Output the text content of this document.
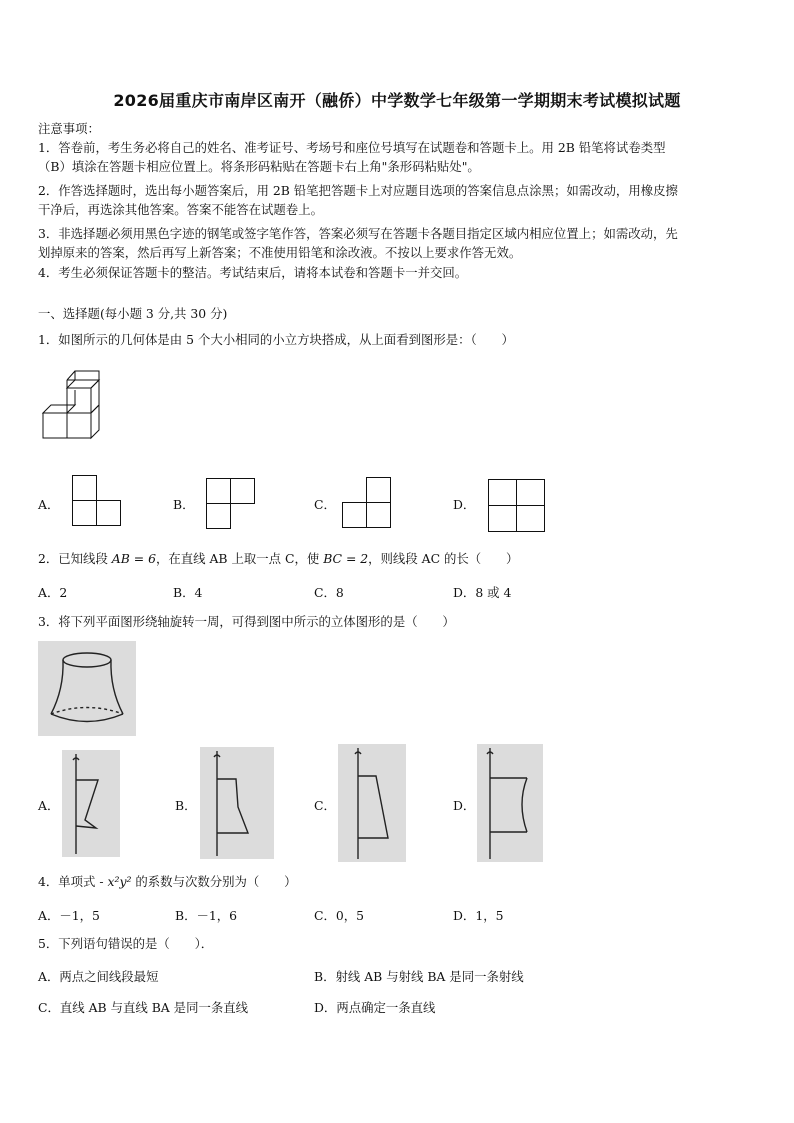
2026届重庆市南岸区南开（融侨）中学数学七年级第一学期期末考试模拟试题
注意事项：
1．答卷前，考生务必将自己的姓名、准考证号、考场号和座位号填写在试题卷和答题卡上。用 2B 铅笔将试卷类型
（B）填涂在答题卡相应位置上。将条形码粘贴在答题卡右上角"条形码粘贴处"。
2．作答选择题时，选出每小题答案后，用 2B 铅笔把答题卡上对应题目选项的答案信息点涂黑；如需改动，用橡皮擦
干净后，再选涂其他答案。答案不能答在试题卷上。
3．非选择题必须用黑色字迹的钢笔或签字笔作答，答案必须写在答题卡各题目指定区域内相应位置上；如需改动，先
划掉原来的答案，然后再写上新答案；不准使用铅笔和涂改液。不按以上要求作答无效。
4．考生必须保证答题卡的整洁。考试结束后，请将本试卷和答题卡一并交回。
一、选择题(每小题 3 分,共 30 分)
1．如图所示的几何体是由 5 个大小相同的小立方块搭成，从上面看到图形是：（　　）
A．	B．	C．	D．
2．已知线段 AB = 6，在直线 AB 上取一点 C，使 BC = 2，则线段 AC 的长（　　）
A．2	B．4	C．8	D．8 或 4
3．将下列平面图形绕轴旋转一周，可得到图中所示的立体图形的是（　　）
A．	B．	C．	D．
4．单项式 - x²y² 的系数与次数分别为（　　）
A．－1，5	B．－1，6	C．0，5	D．1，5
5．下列语句错误的是（　　）．
A．两点之间线段最短	B．射线 AB 与射线 BA 是同一条射线
C．直线 AB 与直线 BA 是同一条直线	D．两点确定一条直线
